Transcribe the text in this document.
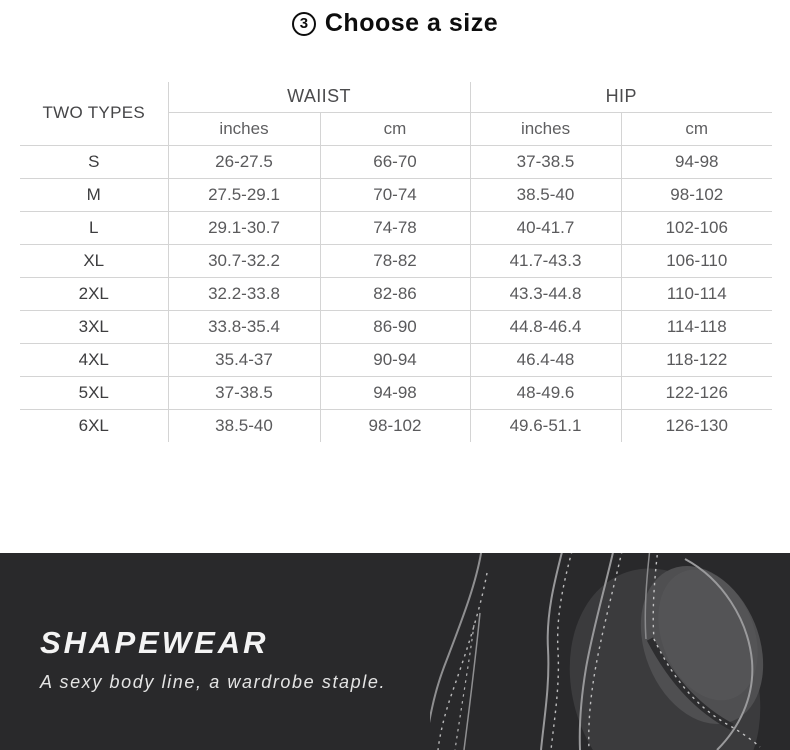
3 Choose a size
TWO TYPES	WAIIST		HIP	
	inches	cm	inches	cm
S	26-27.5	66-70	37-38.5	94-98
M	27.5-29.1	70-74	38.5-40	98-102
L	29.1-30.7	74-78	40-41.7	102-106
XL	30.7-32.2	78-82	41.7-43.3	106-110
2XL	32.2-33.8	82-86	43.3-44.8	110-114
3XL	33.8-35.4	86-90	44.8-46.4	114-118
4XL	35.4-37	90-94	46.4-48	118-122
5XL	37-38.5	94-98	48-49.6	122-126
6XL	38.5-40	98-102	49.6-51.1	126-130
SHAPEWEAR
A sexy body line, a wardrobe staple.
